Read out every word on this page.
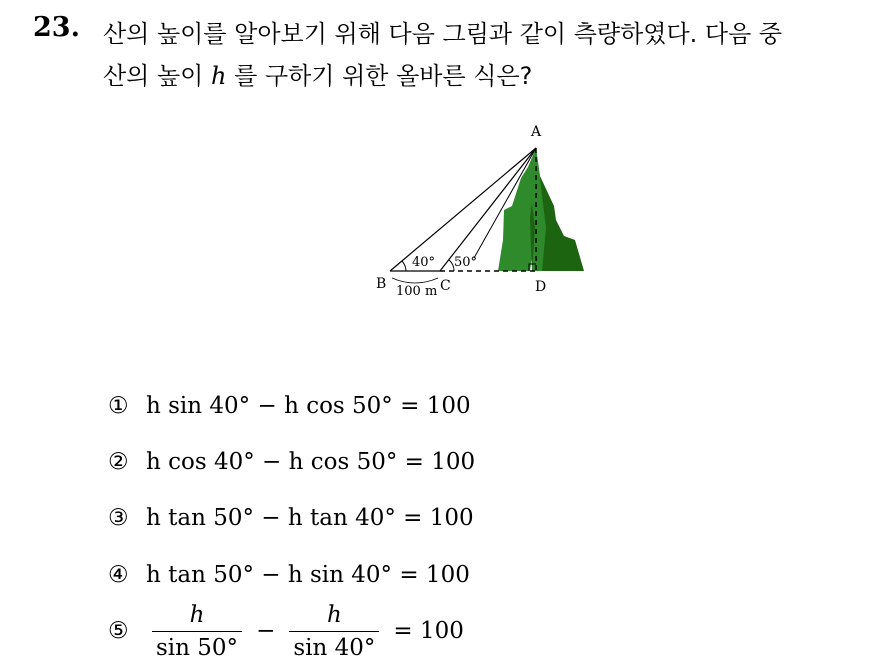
23. 산의 높이를 알아보기 위해 다음 그림과 같이 측량하였다. 다음 중
산의 높이 h 를 구하기 위한 올바른 식은?
A
B	C	D
40° 50°
100 m
① h sin 40° − h cos 50° = 100
② h cos 40° − h cos 50° = 100
③ h tan 50° − h tan 40° = 100
④ h tan 50° − h sin 40° = 100
⑤	$\frac{h}{\sin 50^\circ} - \frac{h}{\sin 40^\circ} = 100$
